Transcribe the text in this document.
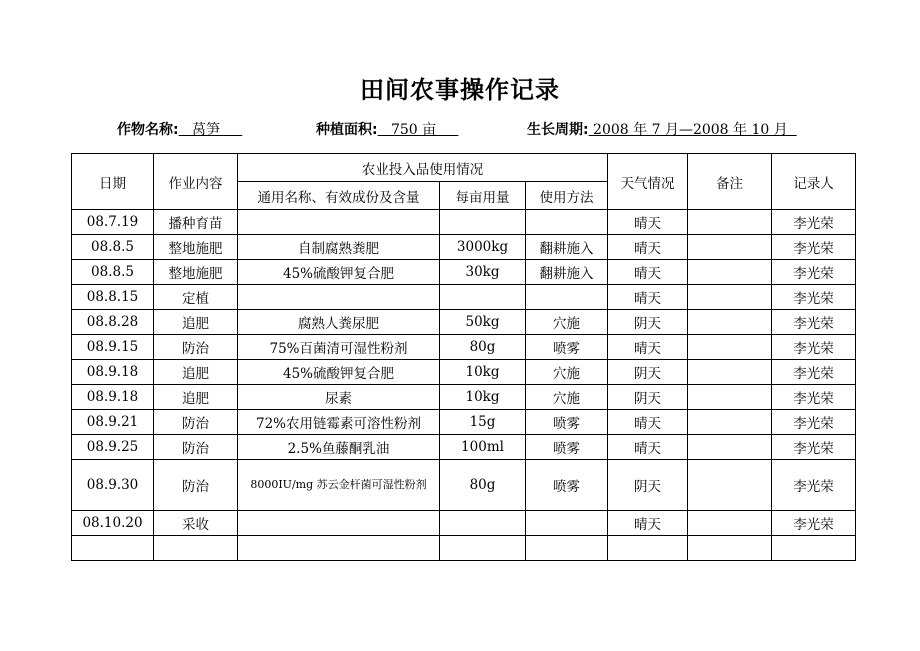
田间农事操作记录
作物名称:   莴笋	种植面积:   750 亩	生长周期: 2008 年 7 月—2008 年 10 月
日期	作业内容	农业投入品使用情况			天气情况	备注	记录人
		通用名称、有效成份及含量	每亩用量	使用方法			
08.7.19	播种育苗				晴天		李光荣
08.8.5	整地施肥	自制腐熟粪肥	3000kg	翻耕施入	晴天		李光荣
08.8.5	整地施肥	45%硫酸钾复合肥	30kg	翻耕施入	晴天		李光荣
08.8.15	定植				晴天		李光荣
08.8.28	追肥	腐熟人粪尿肥	50kg	穴施	阴天		李光荣
08.9.15	防治	75%百菌清可湿性粉剂	80g	喷雾	晴天		李光荣
08.9.18	追肥	45%硫酸钾复合肥	10kg	穴施	阴天		李光荣
08.9.18	追肥	尿素	10kg	穴施	阴天		李光荣
08.9.21	防治	72%农用链霉素可溶性粉剂	15g	喷雾	晴天		李光荣
08.9.25	防治	2.5%鱼藤酮乳油	100ml	喷雾	晴天		李光荣
08.9.30	防治	8000IU/mg 苏云金杆菌可湿性粉剂	80g	喷雾	阴天		李光荣
08.10.20	采收				晴天		李光荣
